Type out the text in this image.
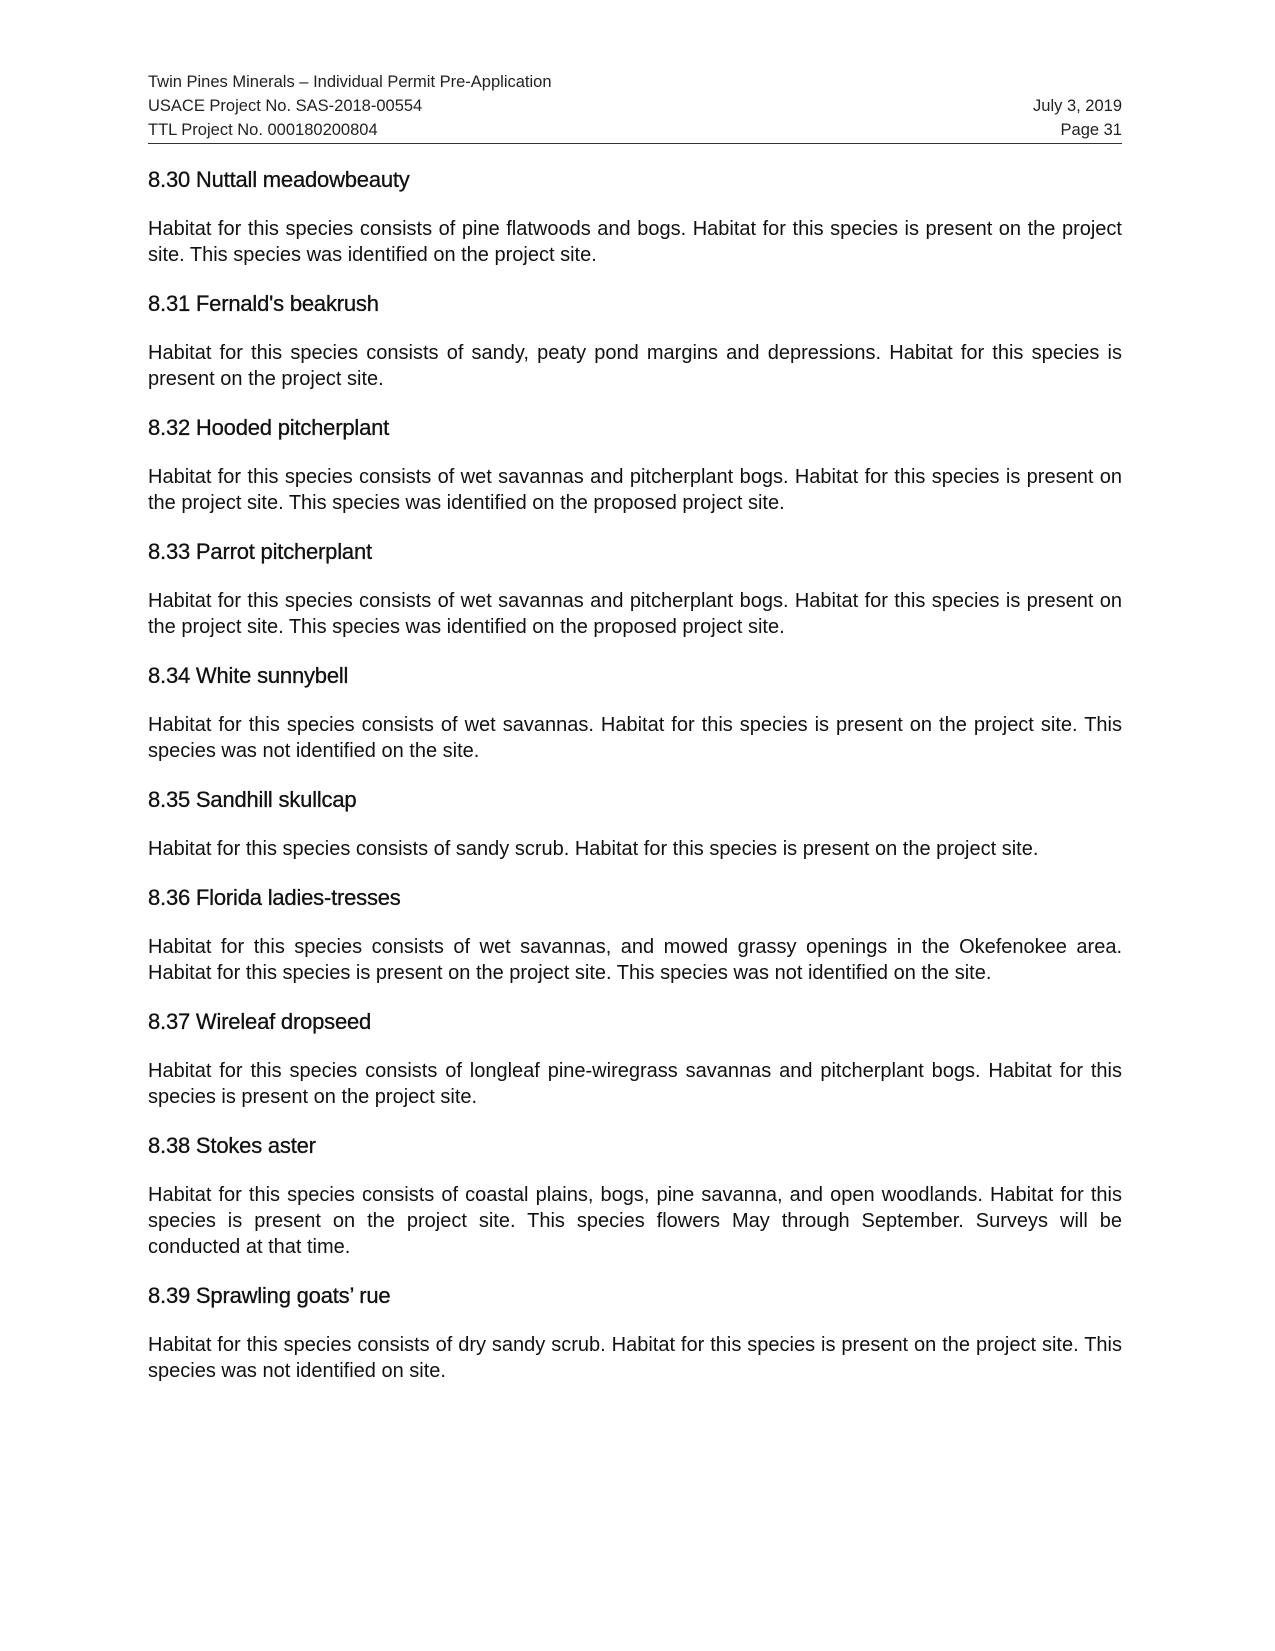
Twin Pines Minerals – Individual Permit Pre-Application
USACE Project No. SAS-2018-00554	July 3, 2019
TTL Project No. 000180200804	Page 31
8.30 Nuttall meadowbeauty

Habitat for this species consists of pine flatwoods and bogs. Habitat for this species is present on the project site. This species was identified on the project site.

8.31 Fernald's beakrush

Habitat for this species consists of sandy, peaty pond margins and depressions. Habitat for this species is present on the project site.

8.32 Hooded pitcherplant

Habitat for this species consists of wet savannas and pitcherplant bogs. Habitat for this species is present on the project site. This species was identified on the proposed project site.

8.33 Parrot pitcherplant

Habitat for this species consists of wet savannas and pitcherplant bogs. Habitat for this species is present on the project site. This species was identified on the proposed project site.

8.34 White sunnybell

Habitat for this species consists of wet savannas. Habitat for this species is present on the project site. This species was not identified on the site.

8.35 Sandhill skullcap

Habitat for this species consists of sandy scrub. Habitat for this species is present on the project site.

8.36 Florida ladies-tresses

Habitat for this species consists of wet savannas, and mowed grassy openings in the Okefenokee area. Habitat for this species is present on the project site. This species was not identified on the site.

8.37 Wireleaf dropseed

Habitat for this species consists of longleaf pine-wiregrass savannas and pitcherplant bogs. Habitat for this species is present on the project site.

8.38 Stokes aster

Habitat for this species consists of coastal plains, bogs, pine savanna, and open woodlands. Habitat for this species is present on the project site. This species flowers May through September. Surveys will be conducted at that time.

8.39 Sprawling goats’ rue

Habitat for this species consists of dry sandy scrub. Habitat for this species is present on the project site. This species was not identified on site.
